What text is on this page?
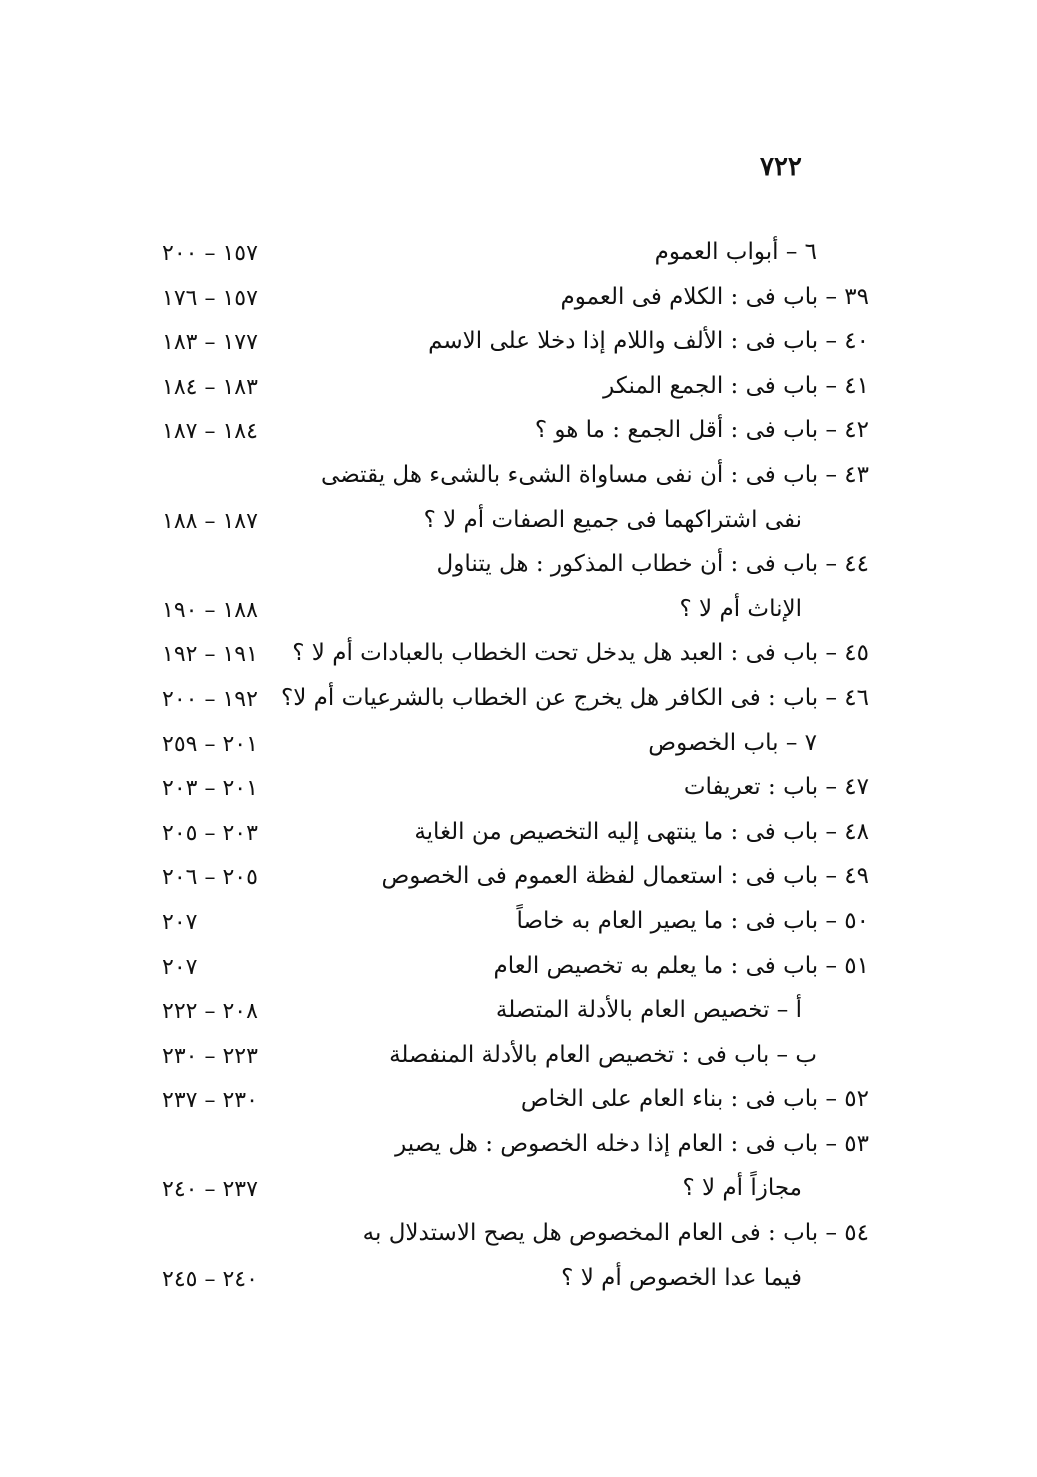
٧٢٢
٦ – أبواب العموم
١٥٧ – ٢٠٠
٣٩ – باب فى : الكلام فى العموم
١٥٧ – ١٧٦
٤٠ – باب فى : الألف واللام إذا دخلا على الاسم
١٧٧ – ١٨٣
٤١ – باب فى : الجمع المنكر
١٨٣ – ١٨٤
٤٢ – باب فى : أقل الجمع : ما هو ؟
١٨٤ – ١٨٧
٤٣ – باب فى : أن نفى مساواة الشىء بالشىء هل يقتضى
نفى اشتراكهما فى جميع الصفات أم لا ؟
١٨٧ – ١٨٨
٤٤ – باب فى : أن خطاب المذكور : هل يتناول
الإناث أم لا ؟
١٨٨ – ١٩٠
٤٥ – باب فى : العبد هل يدخل تحت الخطاب بالعبادات أم لا ؟
١٩١ – ١٩٢
٤٦ – باب : فى الكافر هل يخرج عن الخطاب بالشرعيات أم لا؟
١٩٢ – ٢٠٠
٧ – باب الخصوص
٢٠١ – ٢٥٩
٤٧ – باب : تعريفات
٢٠١ – ٢٠٣
٤٨ – باب فى : ما ينتهى إليه التخصيص من الغاية
٢٠٣ – ٢٠٥
٤٩ – باب فى : استعمال لفظة العموم فى الخصوص
٢٠٥ – ٢٠٦
٥٠ – باب فى : ما يصير العام به خاصاً
٢٠٧
٥١ – باب فى : ما يعلم به تخصيص العام
٢٠٧
أ – تخصيص العام بالأدلة المتصلة
٢٠٨ – ٢٢٢
ب – باب فى : تخصيص العام بالأدلة المنفصلة
٢٢٣ – ٢٣٠
٥٢ – باب فى : بناء العام على الخاص
٢٣٠ – ٢٣٧
٥٣ – باب فى : العام إذا دخله الخصوص : هل يصير
مجازاً أم لا ؟
٢٣٧ – ٢٤٠
٥٤ – باب : فى العام المخصوص هل يصح الاستدلال به
فيما عدا الخصوص أم لا ؟
٢٤٠ – ٢٤٥
